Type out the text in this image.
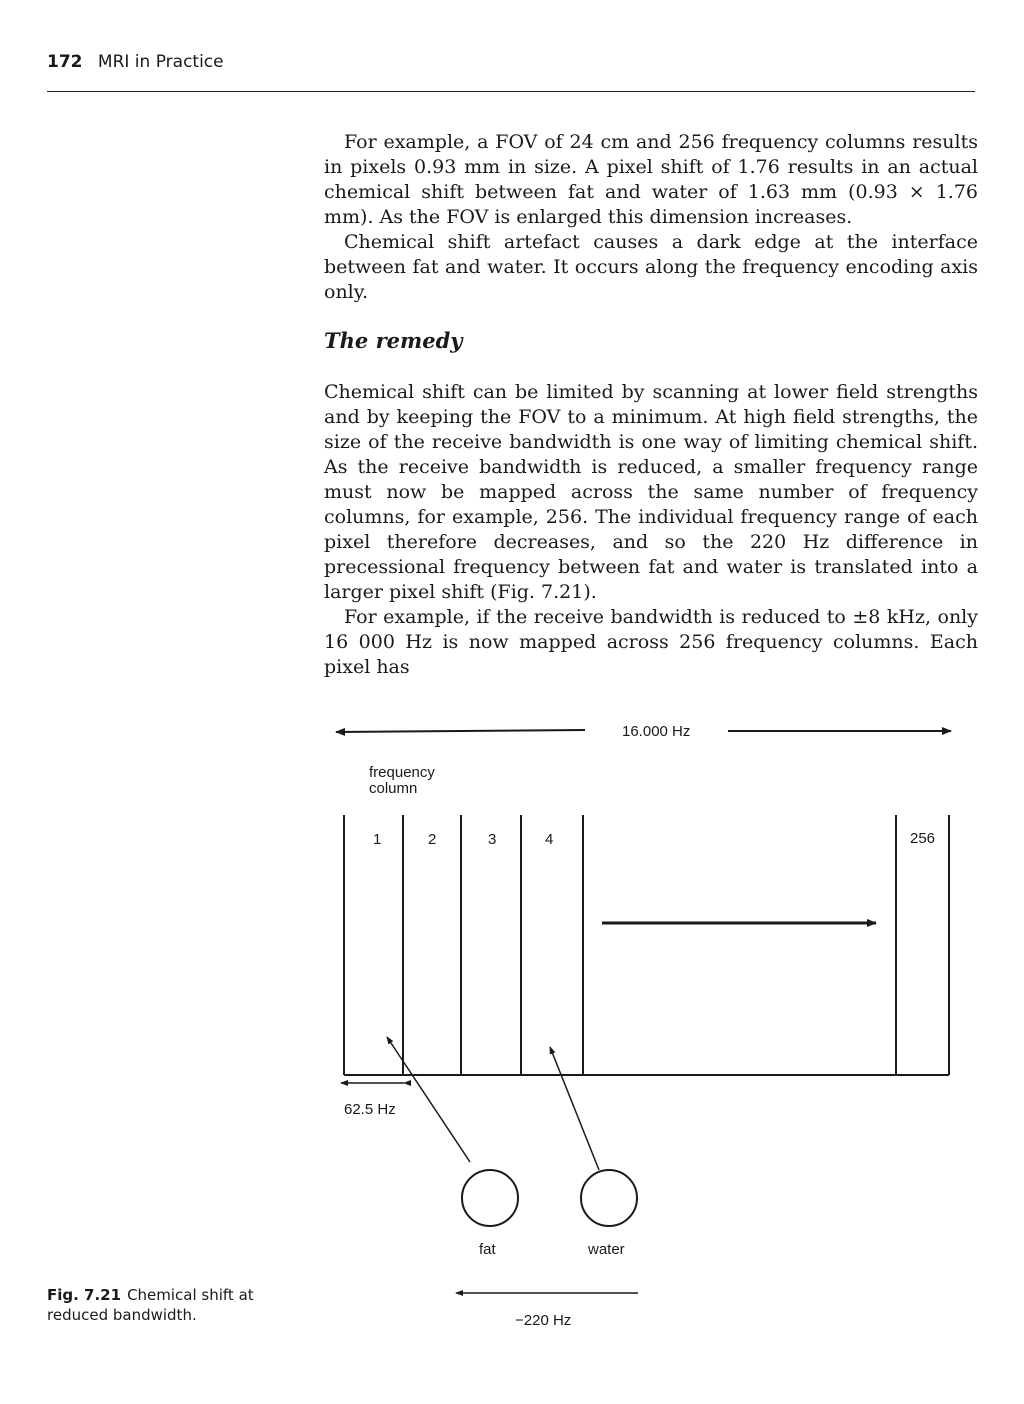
172 MRI in Practice

For example, a FOV of 24 cm and 256 frequency columns results in pixels 0.93 mm in size. A pixel shift of 1.76 results in an actual chemical shift between fat and water of 1.63 mm (0.93 × 1.76 mm). As the FOV is enlarged this dimension increases.

Chemical shift artefact causes a dark edge at the interface between fat and water. It occurs along the frequency encoding axis only.

The remedy

Chemical shift can be limited by scanning at lower field strengths and by keeping the FOV to a minimum. At high field strengths, the size of the receive bandwidth is one way of limiting chemical shift. As the receive bandwidth is reduced, a smaller frequency range must now be mapped across the same number of frequency columns, for example, 256. The individual frequency range of each pixel therefore decreases, and so the 220 Hz difference in precessional frequency between fat and water is translated into a larger pixel shift (Fig. 7.21).

For example, if the receive bandwidth is reduced to ±8 kHz, only 16 000 Hz is now mapped across 256 frequency columns. Each pixel has

16.000 Hz
frequency
column
1	2	3	4	256
62.5 Hz
fat	water
−220 Hz
Fig. 7.21 Chemical shift at
reduced bandwidth.
